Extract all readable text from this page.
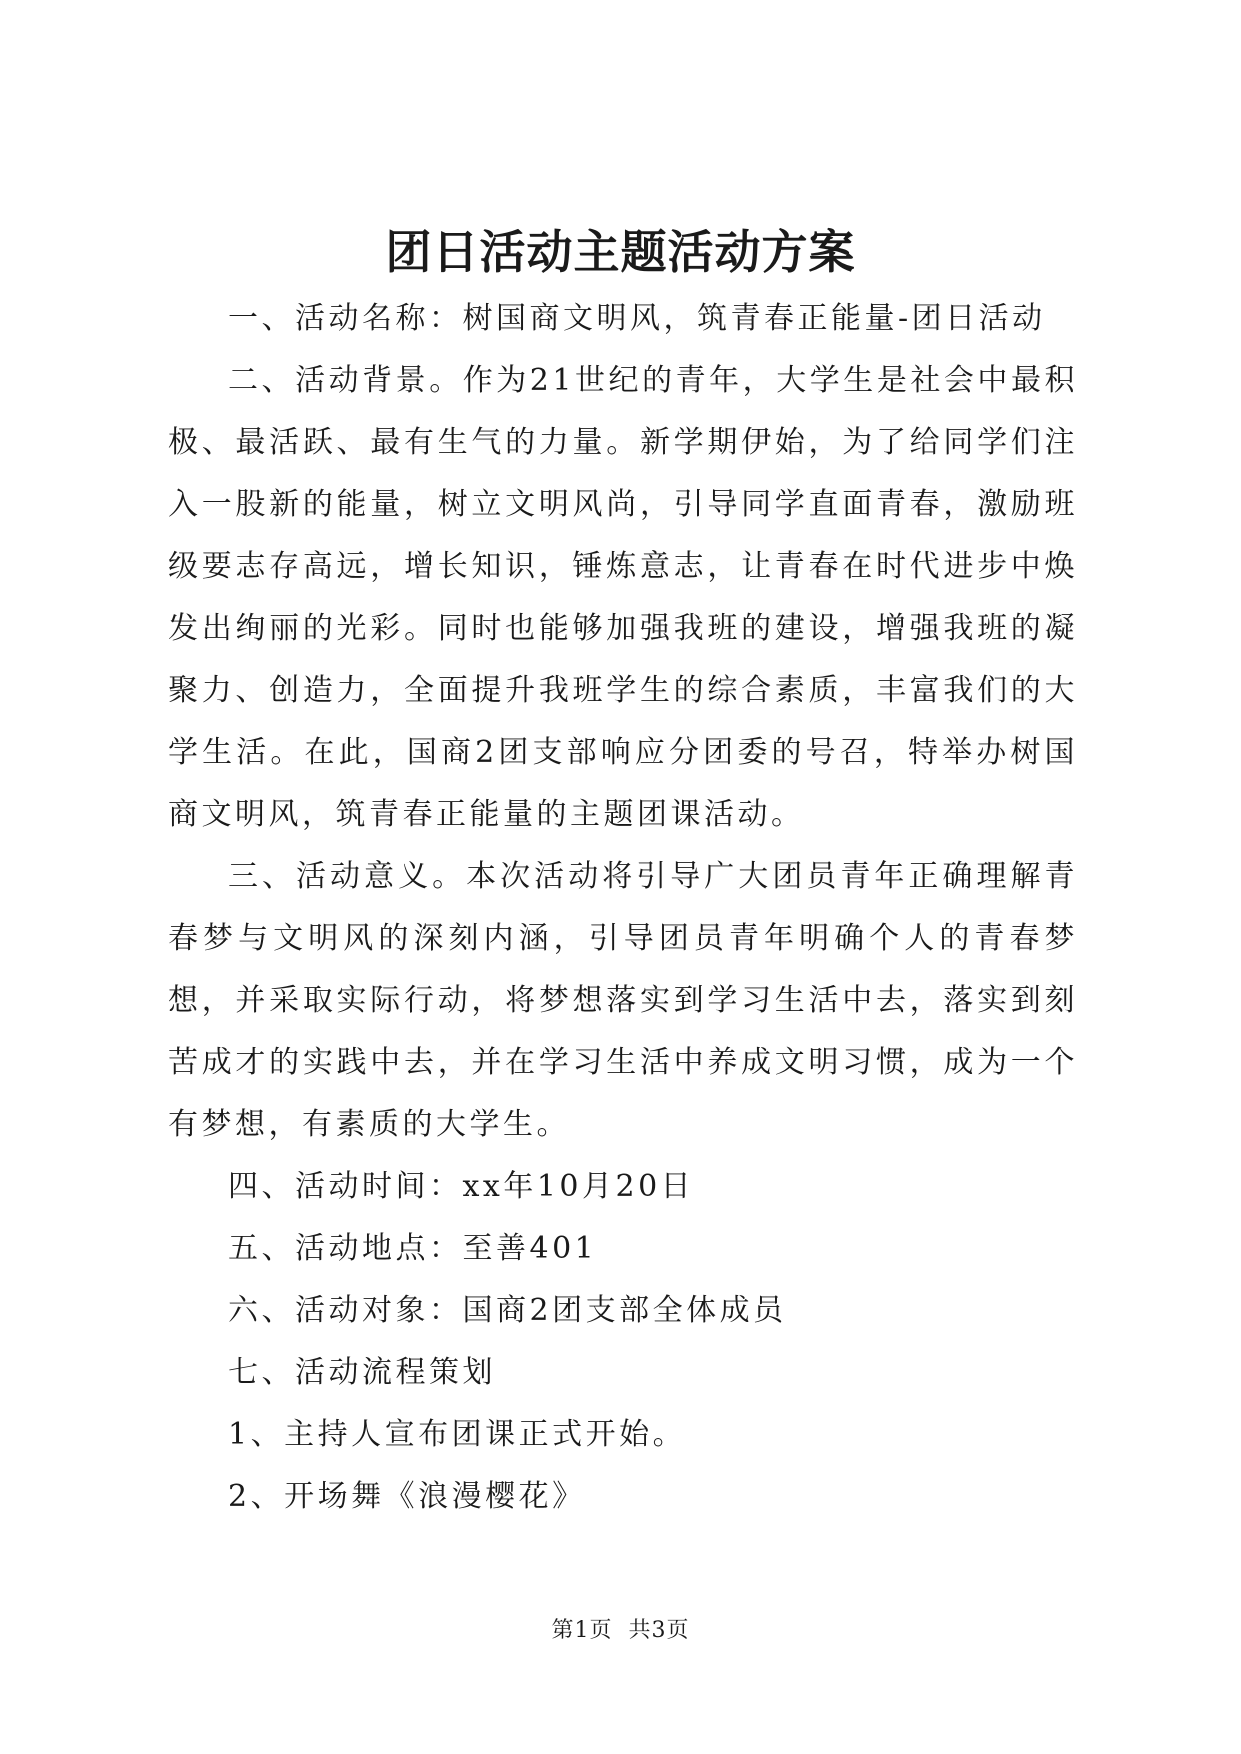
团日活动主题活动方案

一、活动名称：树国商文明风，筑青春正能量-团日活动

二、活动背景。作为21世纪的青年，大学生是社会中最积极、最活跃、最有生气的力量。新学期伊始，为了给同学们注入一股新的能量，树立文明风尚，引导同学直面青春，激励班级要志存高远，增长知识，锤炼意志，让青春在时代进步中焕发出绚丽的光彩。同时也能够加强我班的建设，增强我班的凝聚力、创造力，全面提升我班学生的综合素质，丰富我们的大学生活。在此，国商2团支部响应分团委的号召，特举办树国商文明风，筑青春正能量的主题团课活动。

三、活动意义。本次活动将引导广大团员青年正确理解青春梦与文明风的深刻内涵，引导团员青年明确个人的青春梦想，并采取实际行动，将梦想落实到学习生活中去，落实到刻苦成才的实践中去，并在学习生活中养成文明习惯，成为一个有梦想，有素质的大学生。

四、活动时间：xx年10月20日

五、活动地点：至善401

六、活动对象：国商2团支部全体成员

七、活动流程策划

1、主持人宣布团课正式开始。

2、开场舞《浪漫樱花》

第1页 共3页
